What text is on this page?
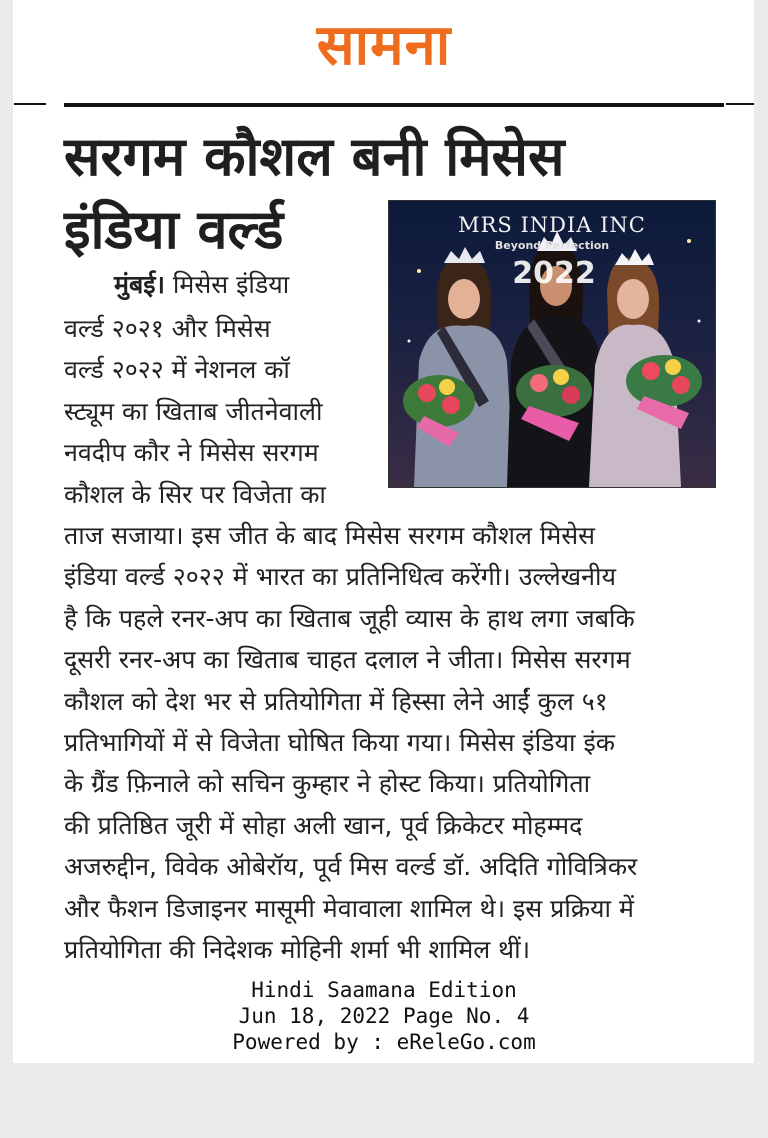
सामना
सरगम कौशल बनी मिसेस
इंडिया वर्ल्ड	MRS INDIA INC
Beyond Perfection
2022
मुंबई। मिसेस इंडिया
वर्ल्ड २०२१ और मिसेस
वर्ल्ड २०२२ में नेशनल कॉ
स्ट्यूम का खिताब जीतनेवाली
नवदीप कौर ने मिसेस सरगम
कौशल के सिर पर विजेता का
ताज सजाया। इस जीत के बाद मिसेस सरगम कौशल मिसेस
इंडिया वर्ल्ड २०२२ में भारत का प्रतिनिधित्व करेंगी। उल्लेखनीय
है कि पहले रनर-अप का खिताब जूही व्यास के हाथ लगा जबकि
दूसरी रनर-अप का खिताब चाहत दलाल ने जीता। मिसेस सरगम
कौशल को देश भर से प्रतियोगिता में हिस्सा लेने आईं कुल ५१
प्रतिभागियों में से विजेता घोषित किया गया। मिसेस इंडिया इंक
के ग्रैंड फ़िनाले को सचिन कुम्हार ने होस्ट किया। प्रतियोगिता
की प्रतिष्ठित जूरी में सोहा अली खान, पूर्व क्रिकेटर मोहम्मद
अजरुद्दीन, विवेक ओबेरॉय, पूर्व मिस वर्ल्ड डॉ. अदिति गोवित्रिकर
और फैशन डिजाइनर मासूमी मेवावाला शामिल थे। इस प्रक्रिया में
प्रतियोगिता की निदेशक मोहिनी शर्मा भी शामिल थीं।
Hindi Saamana Edition
Jun 18, 2022 Page No. 4
Powered by : eReleGo.com
